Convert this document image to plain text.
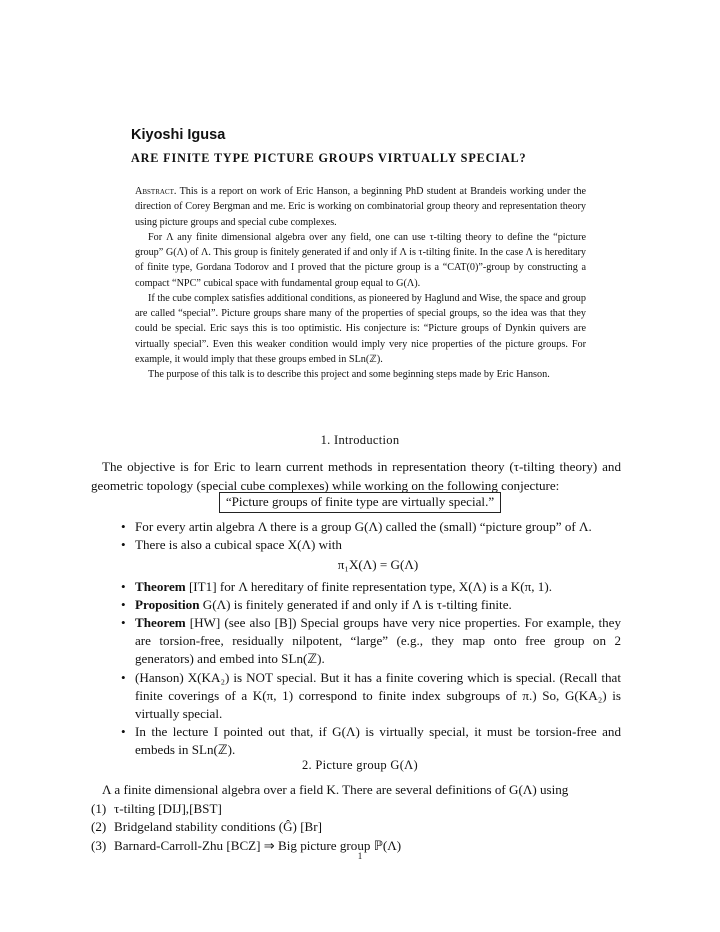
Kiyoshi Igusa
ARE FINITE TYPE PICTURE GROUPS VIRTUALLY SPECIAL?

Abstract. This is a report on work of Eric Hanson, a beginning PhD student at Brandeis working under the direction of Corey Bergman and me. Eric is working on combinatorial group theory and representation theory using picture groups and special cube complexes.

For Λ any finite dimensional algebra over any field, one can use τ-tilting theory to define the “picture group” G(Λ) of Λ. This group is finitely generated if and only if Λ is τ-tilting finite. In the case Λ is hereditary of finite type, Gordana Todorov and I proved that the picture group is a “CAT(0)”-group by constructing a compact “NPC” cubical space with fundamental group equal to G(Λ).

If the cube complex satisfies additional conditions, as pioneered by Haglund and Wise, the space and group are called “special”. Picture groups share many of the properties of special groups, so the idea was that they could be special. Eric says this is too optimistic. His conjecture is: “Picture groups of Dynkin quivers are virtually special”. Even this weaker condition would imply very nice properties of the picture groups. For example, it would imply that these groups embed in SLn(ℤ).

The purpose of this talk is to describe this project and some beginning steps made by Eric Hanson.

1. Introduction

The objective is for Eric to learn current methods in representation theory (τ-tilting theory) and geometric topology (special cube complexes) while working on the following conjecture:

“Picture groups of finite type are virtually special.”
• For every artin algebra Λ there is a group G(Λ) called the (small) “picture group” of Λ.
• There is also a cubical space X(Λ) with
π₁X(Λ) = G(Λ)
• Theorem [IT1] for Λ hereditary of finite representation type, X(Λ) is a K(π, 1).
• Proposition G(Λ) is finitely generated if and only if Λ is τ-tilting finite.
• Theorem [HW] (see also [B]) Special groups have very nice properties. For example, they are torsion-free, residually nilpotent, “large” (e.g., they map onto free group on 2 generators) and embed into SLn(ℤ).
• (Hanson) X(KA₂) is NOT special. But it has a finite covering which is special. (Recall that finite coverings of a K(π, 1) correspond to finite index subgroups of π.) So, G(KA₂) is virtually special.
• In the lecture I pointed out that, if G(Λ) is virtually special, it must be torsion-free and embeds in SLn(ℤ).
2. Picture group G(Λ)

Λ a finite dimensional algebra over a field K. There are several definitions of G(Λ) using

(1) τ-tilting [DIJ],[BST]
(2) Bridgeland stability conditions (Ĝ) [Br]
(3) Barnard-Carroll-Zhu [BCZ] ⇒ Big picture group ℙ(Λ)
1
